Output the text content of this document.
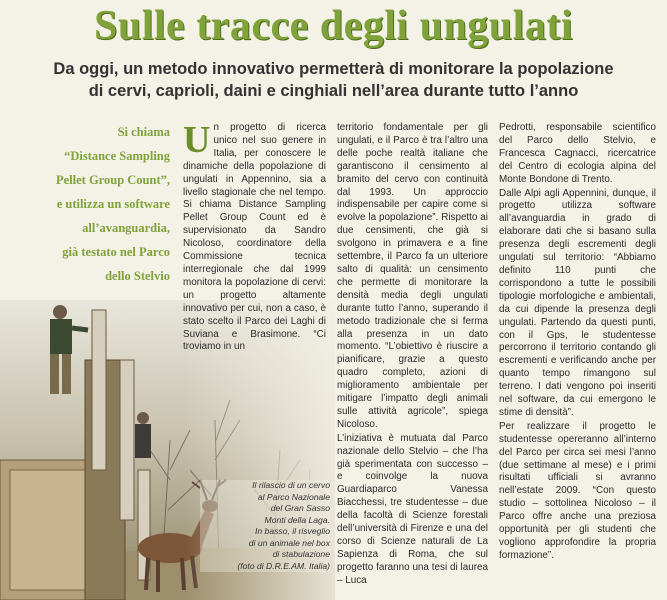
Sulle tracce degli ungulati
Da oggi, un metodo innovativo permetterà di monitorare la popolazione
di cervi, caprioli, daini e cinghiali nell’area durante tutto l’anno
Si chiama
“Distance Sampling
Pellet Group Count”,
e utilizza un software
all’avanguardia,
già testato nel Parco
dello Stelvio
U n progetto di ricerca unico nel suo genere in Italia, per conoscere le dinamiche della popolazione di ungulati in Appennino, sia a livello stagionale che nel tempo. Si chiama Distance Sampling Pellet Group Count ed è supervisionato da Sandro Nicoloso, coordinatore della Commissione tecnica interregionale che dal 1999 monitora la popolazione di cervi: un progetto altamente innovativo per cui, non a caso, è stato scelto il Parco dei Laghi di Suviana e Brasimone. “Ci troviamo in un

territorio fondamentale per gli ungulati, e il Parco è tra l’altro una delle poche realtà italiane che garantiscono il censimento al bramito del cervo con continuità dal 1993. Un approccio indispensabile per capire come si evolve la popolazione”. Rispetto ai due censimenti, che già si svolgono in primavera e a fine settembre, il Parco fa un ulteriore salto di qualità: un censimento che permette di monitorare la densità media degli ungulati durante tutto l’anno, superando il metodo tradizionale che si ferma alla presenza in un dato momento. “L’obiettivo è riuscire a pianificare, grazie a questo quadro completo, azioni di miglioramento ambientale per mitigare l’impatto degli animali sulle attività agricole”, spiega Nicoloso.

L’iniziativa è mutuata dal Parco nazionale dello Stelvio – che l’ha già sperimentata con successo – e coinvolge la nuova Guardiaparco Vanessa Biacchessi, tre studentesse – due della facoltà di Scienze forestali dell’università di Firenze e una del corso di Scienze naturali de La Sapienza di Roma, che sul progetto faranno una tesi di laurea – Luca

Pedrotti, responsabile scientifico del Parco dello Stelvio, e Francesca Cagnacci, ricercatrice del Centro di ecologia alpina del Monte Bondone di Trento.

Dalle Alpi agli Appennini, dunque, il progetto utilizza software all’avanguardia in grado di elaborare dati che si basano sulla presenza degli escrementi degli ungulati sul territorio: “Abbiamo definito 110 punti che corrispondono a tutte le possibili tipologie morfologiche e ambientali, da cui dipende la presenza degli ungulati. Partendo da questi punti, con il Gps, le studentesse percorrono il territorio contando gli escrementi e verificando anche per quanto tempo rimangono sul terreno. I dati vengono poi inseriti nel software, da cui emergono le stime di densità”.

Per realizzare il progetto le studentesse opereranno all’interno del Parco per circa sei mesi l’anno (due settimane al mese) e i primi risultati ufficiali si avranno nell’estate 2009. “Con questo studio – sottolinea Nicoloso – il Parco offre anche una preziosa opportunità per gli studenti che vogliono approfondire la propria formazione”.

Il rilascio di un cervo
al Parco Nazionale
del Gran Sasso
Monti della Laga.
In basso, il risveglio
di un animale nel box
di stabulazione
(foto di D.R.E.AM. Italia)
